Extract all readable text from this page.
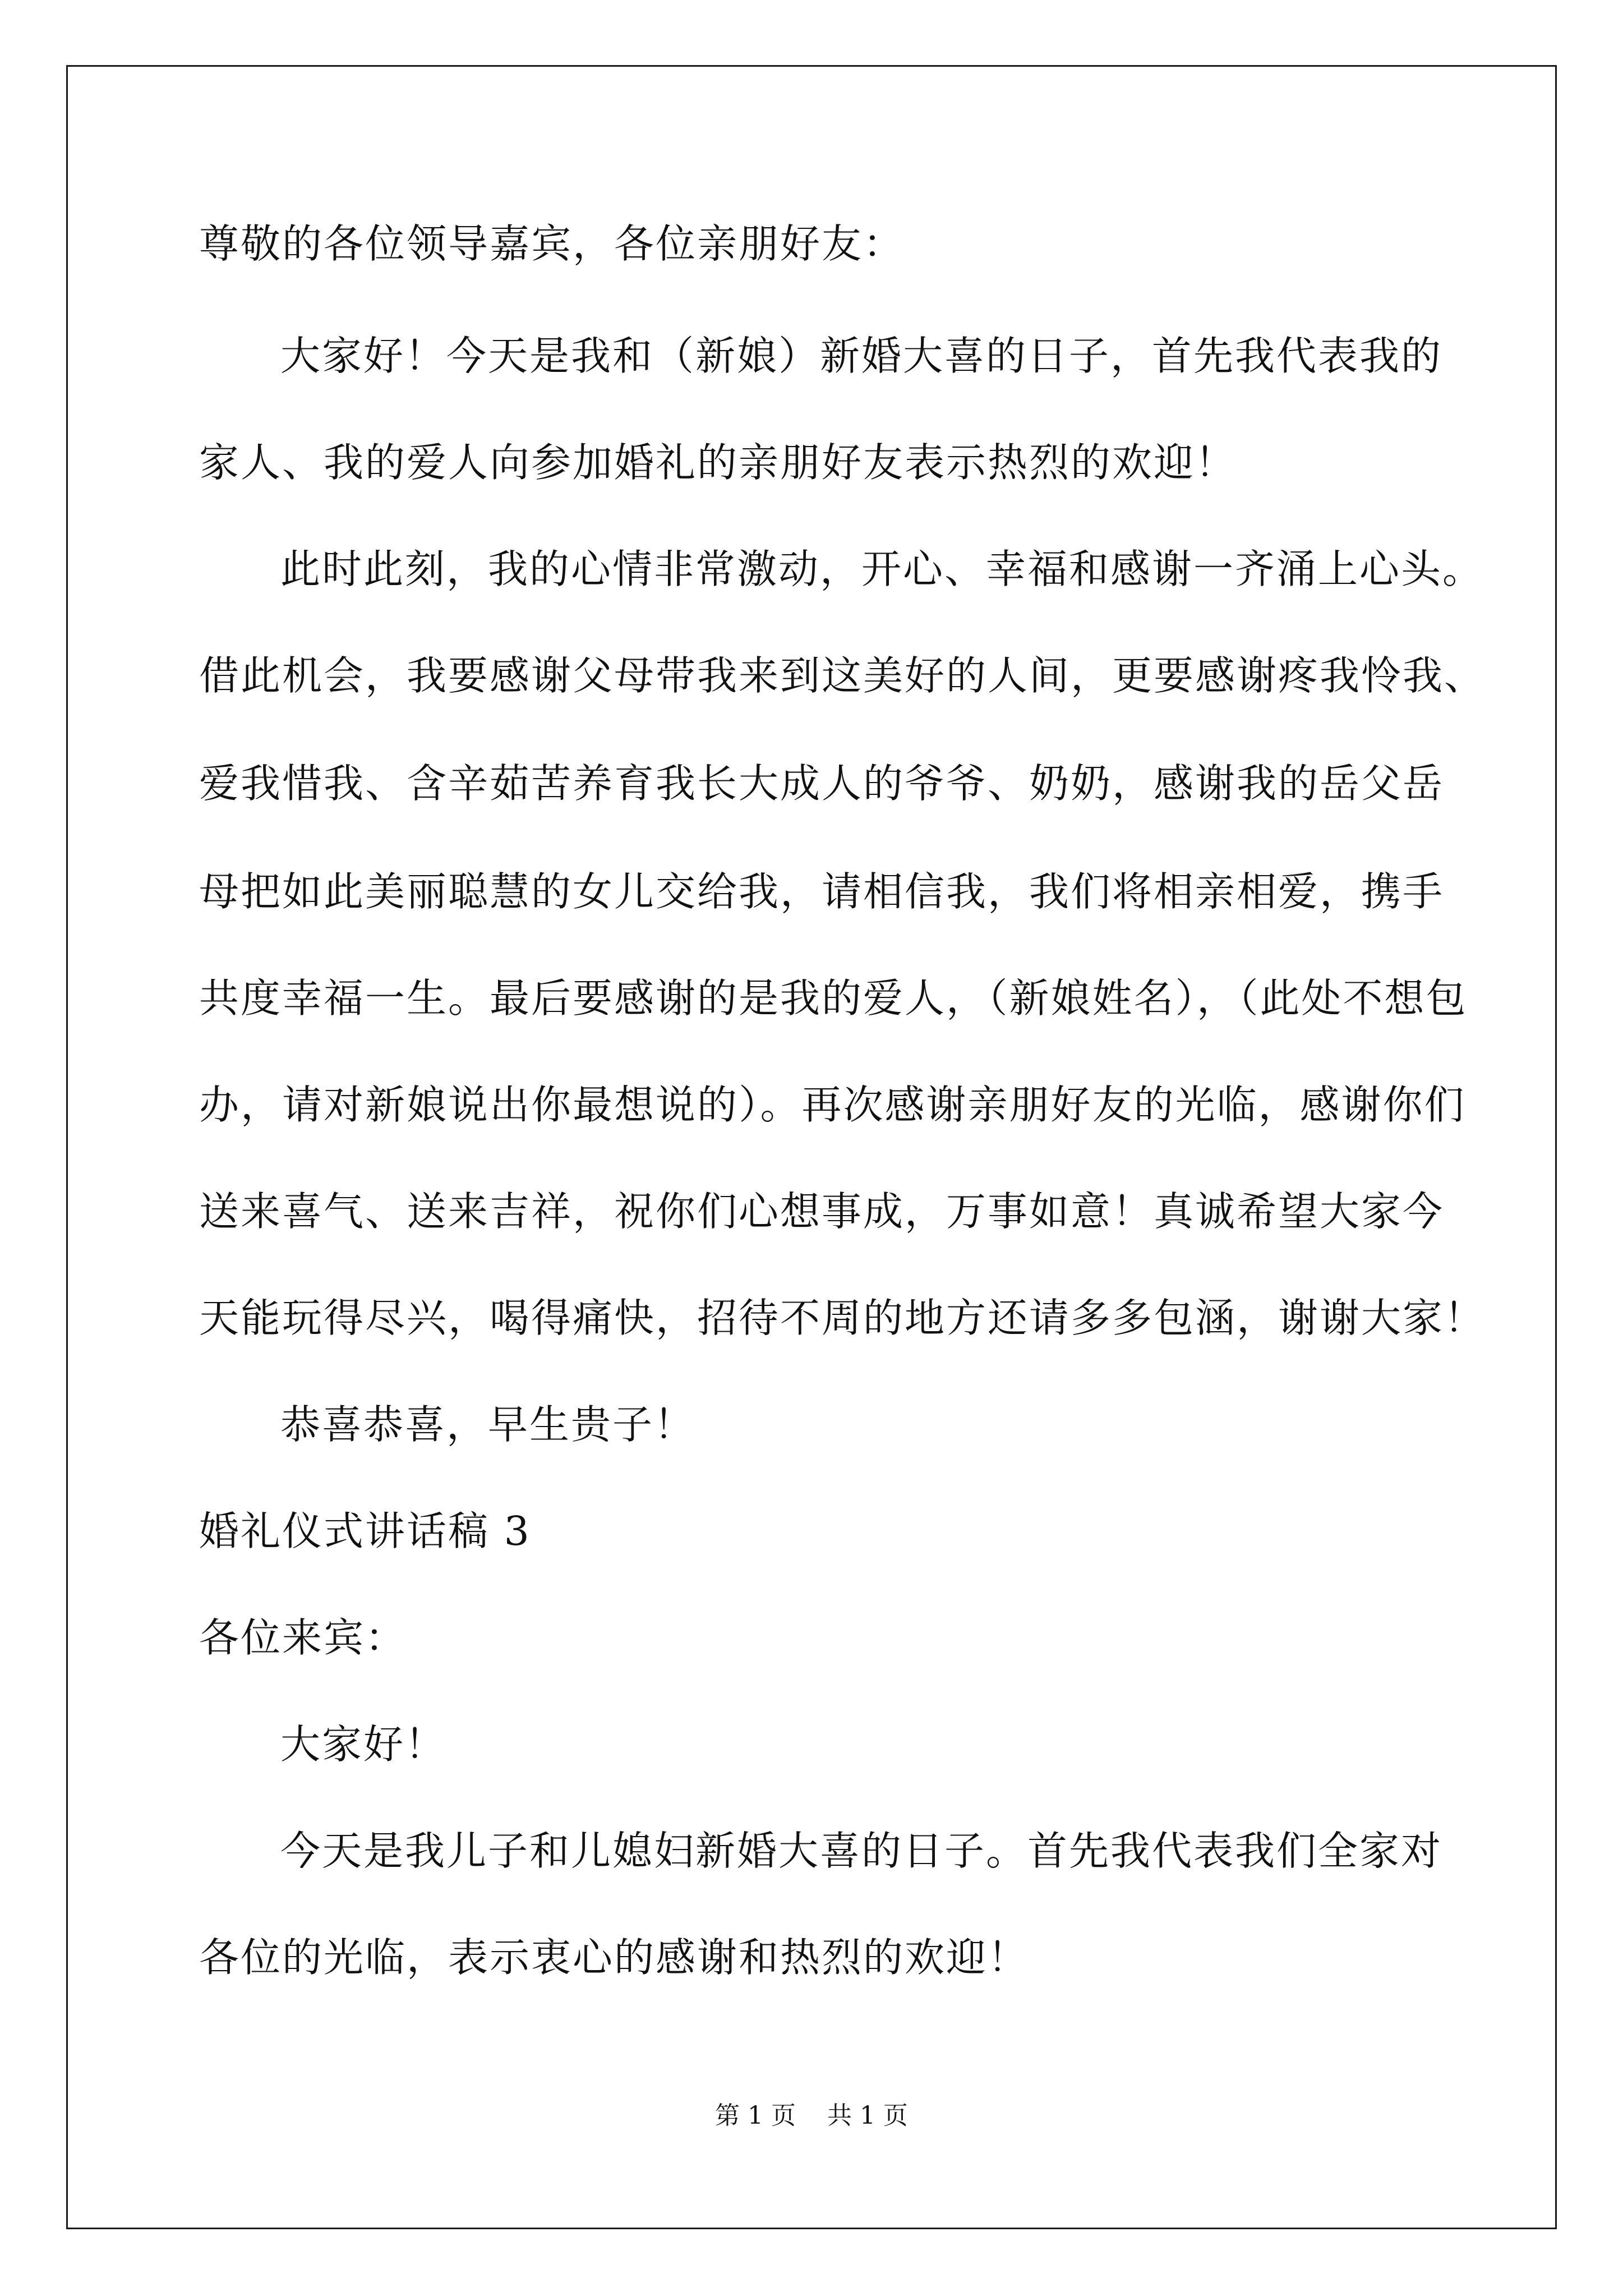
尊敬的各位领导嘉宾，各位亲朋好友：
大家好！今天是我和（新娘）新婚大喜的日子，首先我代表我的
家人、我的爱人向参加婚礼的亲朋好友表示热烈的欢迎！
此时此刻，我的心情非常激动，开心、幸福和感谢一齐涌上心头。
借此机会，我要感谢父母带我来到这美好的人间，更要感谢疼我怜我、
爱我惜我、含辛茹苦养育我长大成人的爷爷、奶奶，感谢我的岳父岳
母把如此美丽聪慧的女儿交给我，请相信我，我们将相亲相爱，携手
共度幸福一生。最后要感谢的是我的爱人，（新娘姓名），（此处不想包
办，请对新娘说出你最想说的）。再次感谢亲朋好友的光临，感谢你们
送来喜气、送来吉祥，祝你们心想事成，万事如意！真诚希望大家今
天能玩得尽兴，喝得痛快，招待不周的地方还请多多包涵，谢谢大家！
恭喜恭喜，早生贵子！
婚礼仪式讲话稿 3
各位来宾：
大家好！
今天是我儿子和儿媳妇新婚大喜的日子。首先我代表我们全家对
各位的光临，表示衷心的感谢和热烈的欢迎！
第 1 页    共 1 页
